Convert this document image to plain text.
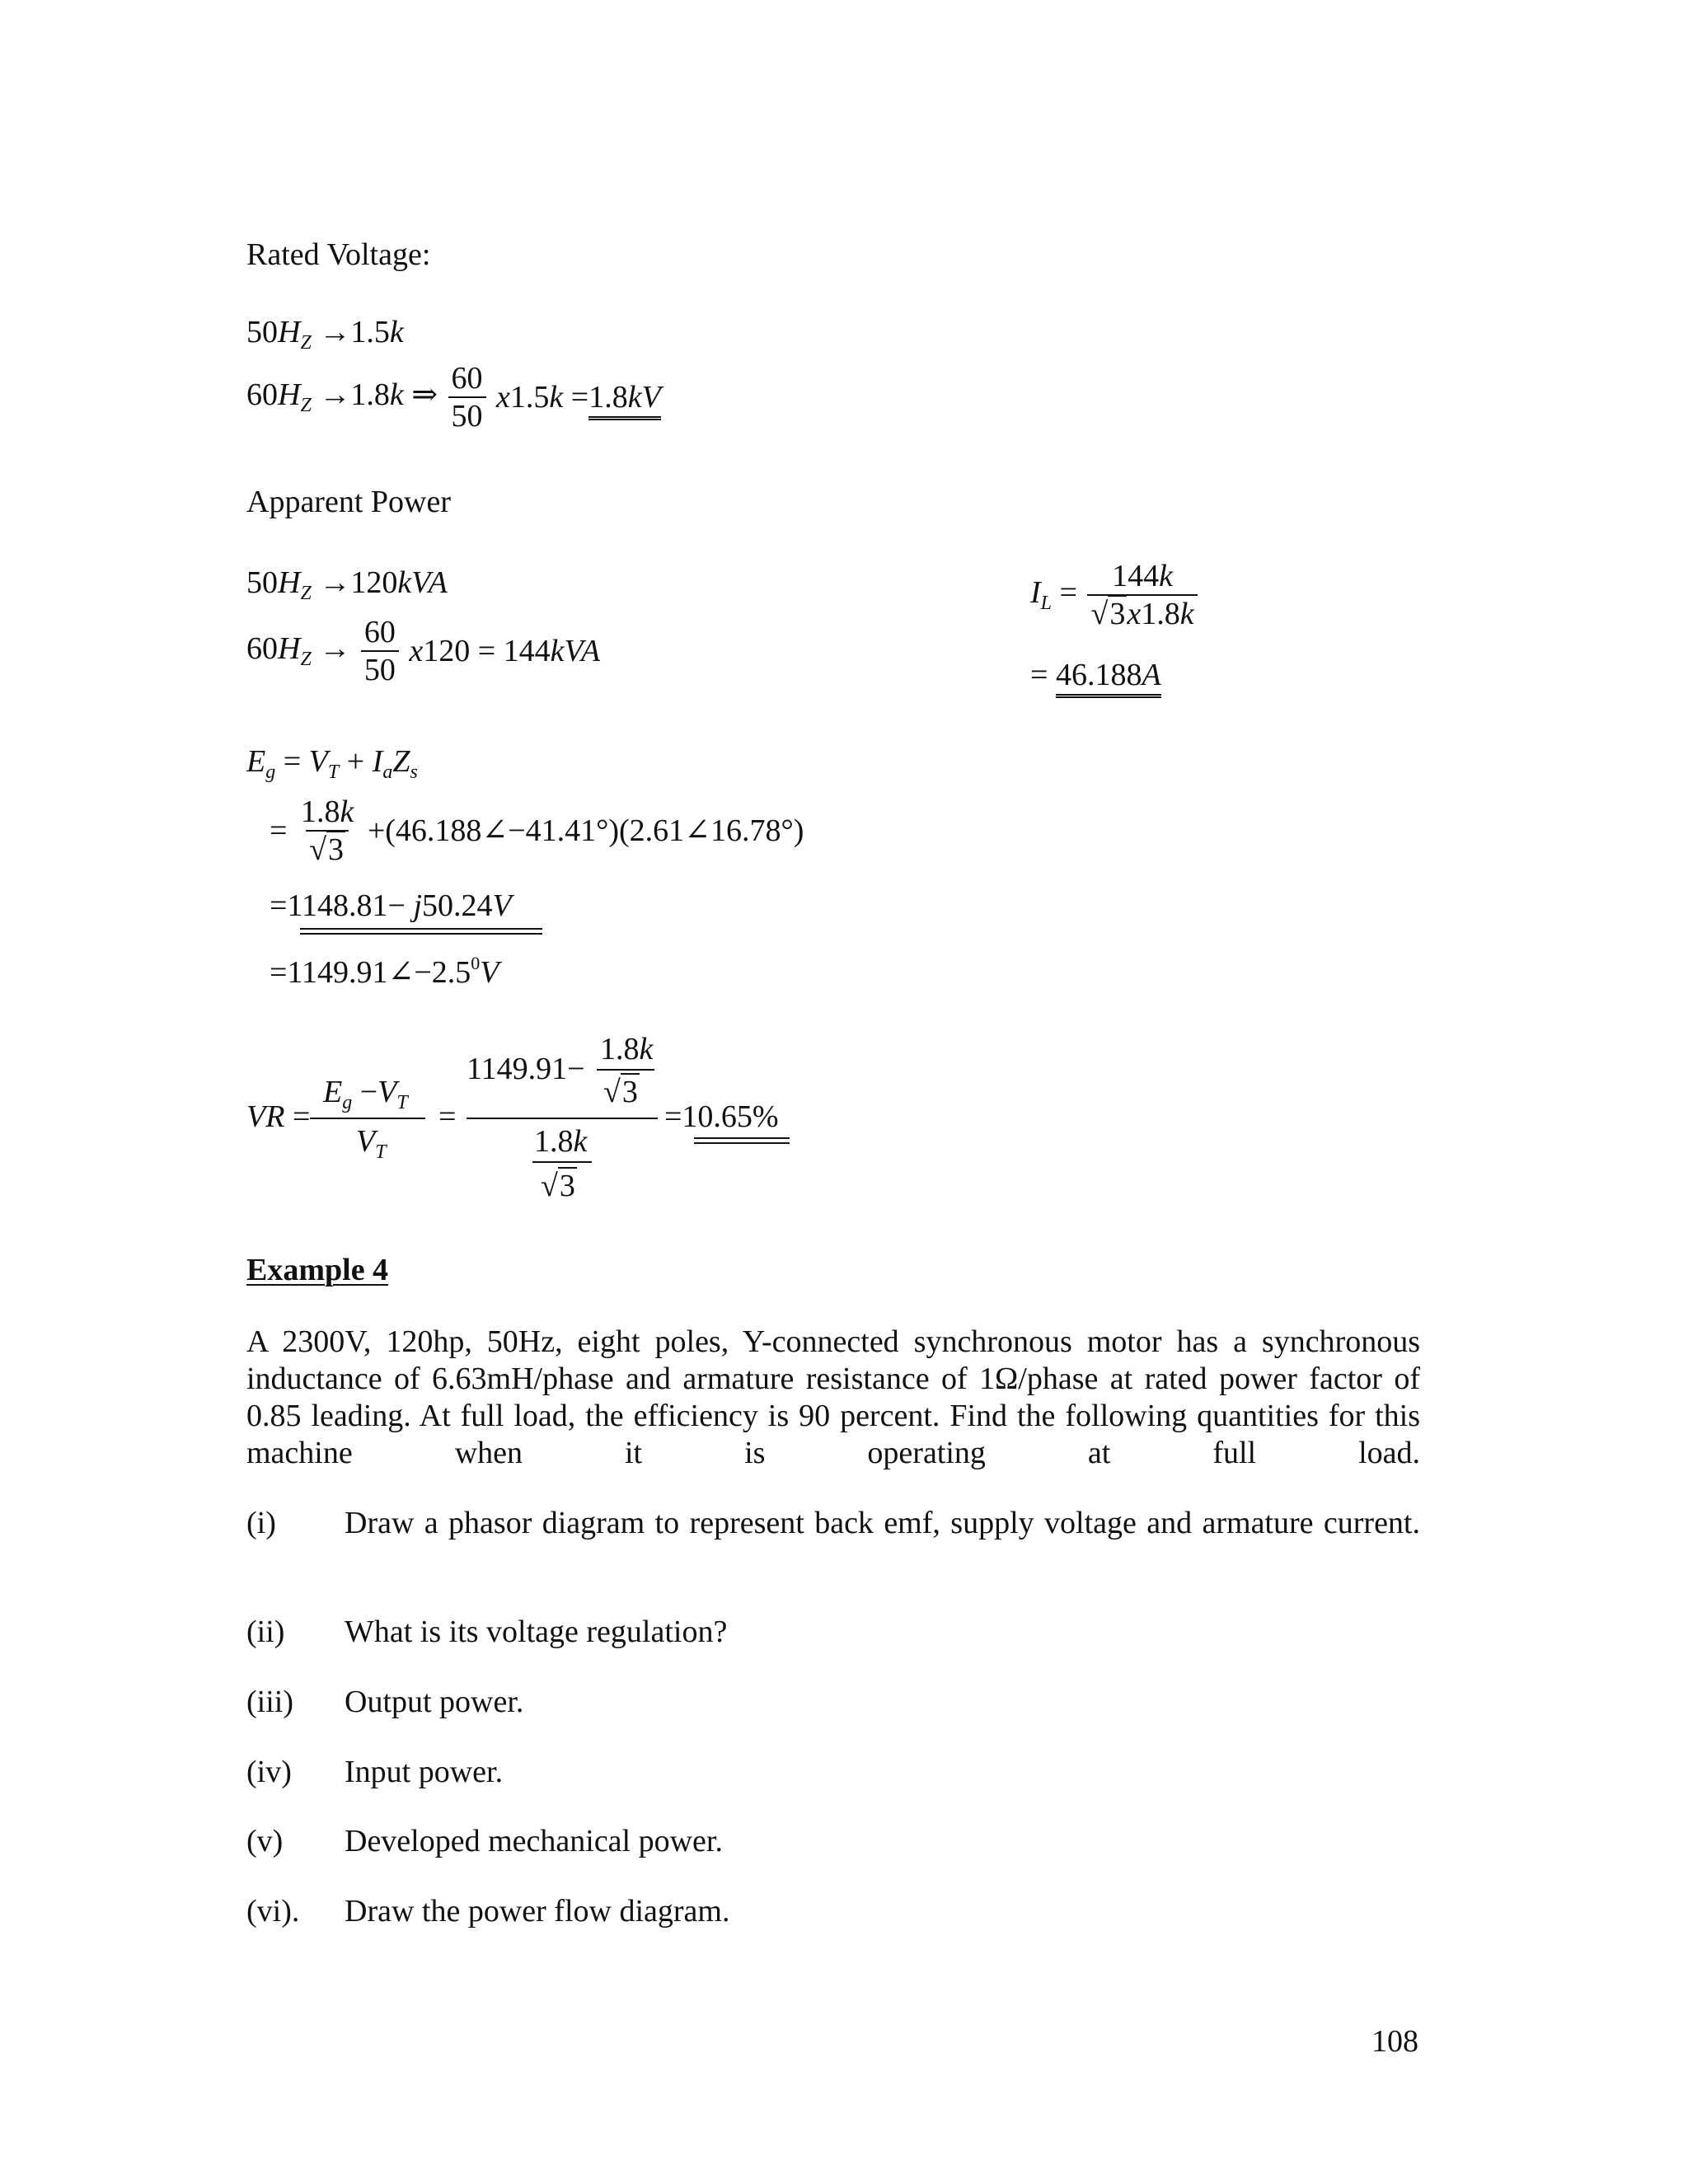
Rated Voltage:
$50H_Z \to 1.5k$
$60H_Z \to 1.8k$ ⇒ $\frac{60}{50} x1.5k =1.8kV$
Apparent Power
$50H_Z \to 120kVA$
$60H_Z \to \frac{60}{50} x120 = 144kVA$
$I_L = \frac{144k}{√3x1.8k}$
= 46.188A
$E_g = V_T + I_aZ_s$
= $\frac{1.8k}{√3}$ +(46.188∠−41.41°)(2.61∠16.78°)
=1148.81− j50.24V
$=1149.91\angle-2.5^0V$
VR =
$E_g -V_T$
$V_T$
=
1149.91−
1.8k
√3
1.8k
√3
=10.65%
Example 4
A 2300V, 120hp, 50Hz, eight poles, Y-connected synchronous motor has a synchronous inductance of 6.63mH/phase and armature resistance of 1Ω/phase at rated power factor of 0.85 leading. At full load, the efficiency is 90 percent. Find the following quantities for this machine when it is operating at full load.
(i) Draw a phasor diagram to represent back emf, supply voltage and armature current.
(ii) What is its voltage regulation?
(iii) Output power.
(iv) Input power.
(v) Developed mechanical power.
(vi). Draw the power flow diagram.
108
